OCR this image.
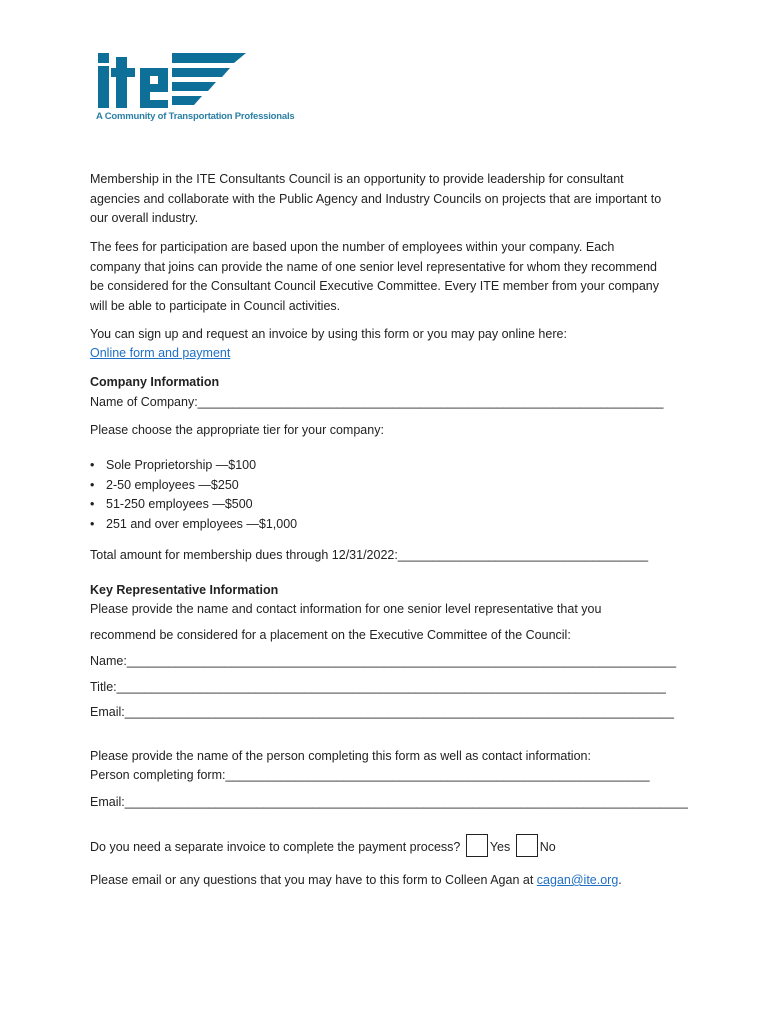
A Community of Transportation Professionals
Membership in the ITE Consultants Council is an opportunity to provide leadership for consultant
agencies and collaborate with the Public Agency and Industry Councils on projects that are important to
our overall industry.
The fees for participation are based upon the number of employees within your company. Each
company that joins can provide the name of one senior level representative for whom they recommend
be considered for the Consultant Council Executive Committee. Every ITE member from your company
will be able to participate in Council activities.
You can sign up and request an invoice by using this form or you may pay online here:
Online form and payment
Company Information
Name of Company:___________________________________________________________________
Please choose the appropriate tier for your company:
• Sole Proprietorship —$100
• 2-50 employees —$250
• 51-250 employees —$500
• 251 and over employees —$1,000
Total amount for membership dues through 12/31/2022:____________________________________
Key Representative Information
Please provide the name and contact information for one senior level representative that you
recommend be considered for a placement on the Executive Committee of the Council:
Name:_______________________________________________________________________________
Title:_______________________________________________________________________________
Email:_______________________________________________________________________________
Please provide the name of the person completing this form as well as contact information:
Person completing form:_____________________________________________________________
Email:_________________________________________________________________________________
Do you need a separate invoice to complete the payment process? Yes No
Please email or any questions that you may have to this form to Colleen Agan at cagan@ite.org.
